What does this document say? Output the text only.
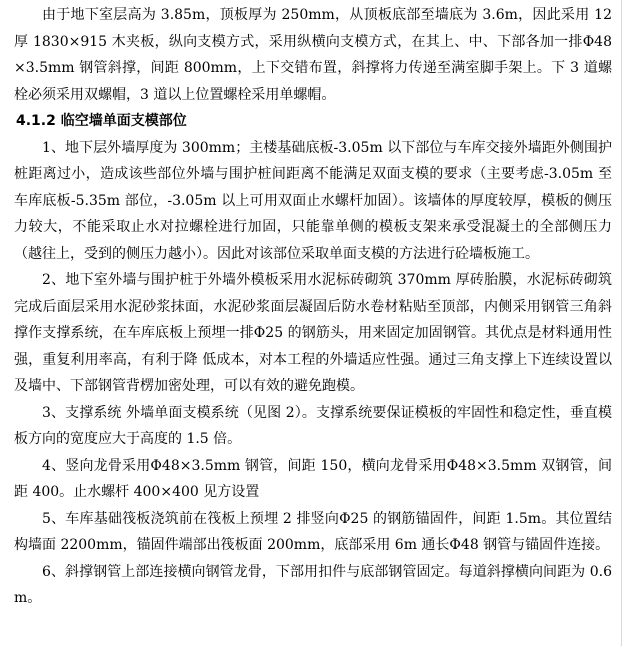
由于地下室层高为 3.85m，顶板厚为 250mm，从顶板底部至墙底为 3.6m，因此采用 12 厚 1830×915 木夹板，纵向支模方式，采用纵横向支模方式，在其上、中、下部各加一排Φ48×3.5mm 钢管斜撑，间距 800mm，上下交错布置，斜撑将力传递至满室脚手架上。下 3 道螺栓必须采用双螺帽，3 道以上位置螺栓采用单螺帽。

4.1.2 临空墙单面支模部位

1、地下层外墙厚度为 300mm；主楼基础底板-3.05m 以下部位与车库交接外墙距外侧围护桩距离过小，造成该些部位外墙与围护桩间距离不能满足双面支模的要求（主要考虑-3.05m 至车库底板-5.35m 部位，-3.05m 以上可用双面止水螺杆加固）。该墙体的厚度较厚，模板的侧压力较大，不能采取止水对拉螺栓进行加固，只能靠单侧的模板支架来承受混凝土的全部侧压力（越往上，受到的侧压力越小）。因此对该部位采取单面支模的方法进行砼墙板施工。

2、地下室外墙与围护桩于外墙外模板采用水泥标砖砌筑 370mm 厚砖胎膜，水泥标砖砌筑完成后面层采用水泥砂浆抹面，水泥砂浆面层凝固后防水卷材粘贴至顶部，内侧采用钢管三角斜撑作支撑系统，在车库底板上预埋一排Φ25 的钢筋头，用来固定加固钢管。其优点是材料通用性强，重复利用率高，有利于降 低成本，对本工程的外墙适应性强。通过三角支撑上下连续设置以及墙中、下部钢管背楞加密处理，可以有效的避免跑模。

3、支撑系统 外墙单面支模系统（见图 2）。支撑系统要保证模板的牢固性和稳定性，垂直模板方向的宽度应大于高度的 1.5 倍。

4、竖向龙骨采用Φ48×3.5mm 钢管，间距 150，横向龙骨采用Φ48×3.5mm 双钢管，间距 400。止水螺杆 400×400 见方设置

5、车库基础筏板浇筑前在筏板上预埋 2 排竖向Φ25 的钢筋锚固件，间距 1.5m。其位置结构墙面 2200mm，锚固件端部出筏板面 200mm，底部采用 6m 通长Φ48 钢管与锚固件连接。

6、斜撑钢管上部连接横向钢管龙骨，下部用扣件与底部钢管固定。每道斜撑横向间距为 0.6m。
